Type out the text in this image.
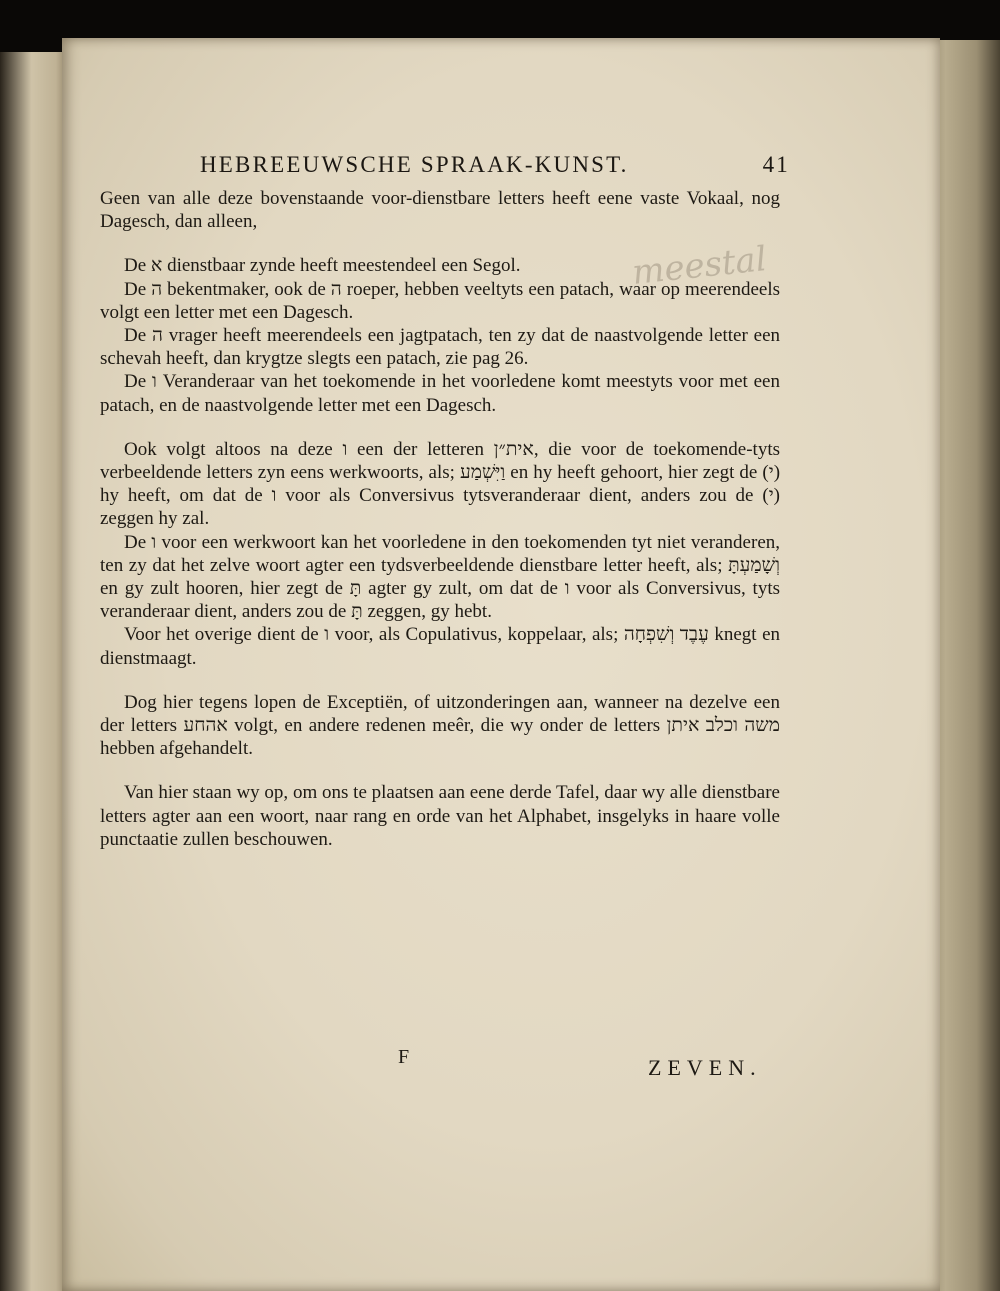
HEBREEUWSCHE SPRAAK-KUNST.	41
meestal

Geen van alle deze bovenstaande voor-dienstbare letters heeft eene vaste Vokaal, nog Dagesch, dan alleen,

De א dienstbaar zynde heeft meestendeel een Segol.

De ה bekentmaker, ook de ה roeper, hebben veeltyts een patach, waar op meerendeels volgt een letter met een Dagesch.

De ה vrager heeft meerendeels een jagtpatach, ten zy dat de naastvolgende letter een schevah heeft, dan krygtze slegts een patach, zie pag 26.

De ו Veranderaar van het toekomende in het voorledene komt meestyts voor met een patach, en de naastvolgende letter met een Dagesch.

Ook volgt altoos na deze ו een der letteren אית״ן, die voor de toekomende-tyts verbeeldende letters zyn eens werkwoorts, als; וַיִּשְׁמַע en hy heeft gehoort, hier zegt de (י) hy heeft, om dat de ו voor als Conversivus tytsveranderaar dient, anders zou de (י) zeggen hy zal.

De ו voor een werkwoort kan het voorledene in den toekomenden tyt niet veranderen, ten zy dat het zelve woort agter een tydsverbeeldende dienstbare letter heeft, als; וְשָׁמַעְתָּ en gy zult hooren, hier zegt de תָּ agter gy zult, om dat de ו voor als Conversivus, tyts veranderaar dient, anders zou de תָּ zeggen, gy hebt.

Voor het overige dient de ו voor, als Copulativus, koppelaar, als; עֶבֶד וְשִׁפְחָה knegt en dienstmaagt.

Dog hier tegens lopen de Exceptiën, of uitzonderingen aan, wanneer na dezelve een der letters אהחע volgt, en andere redenen meêr, die wy onder de letters משה וכלב איתן hebben afgehandelt.

Van hier staan wy op, om ons te plaatsen aan eene derde Tafel, daar wy alle dienstbare letters agter aan een woort, naar rang en orde van het Alphabet, insgelyks in haare volle punctaatie zullen beschouwen.

F	ZEVEN.
